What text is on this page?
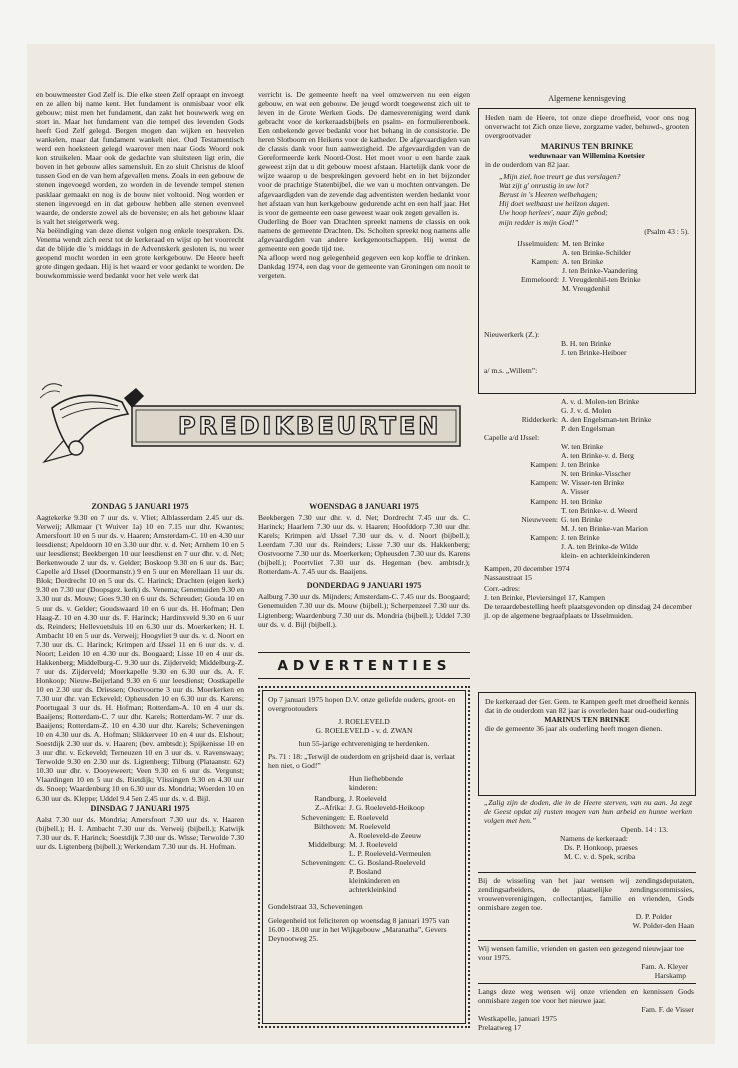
en bouwmeester God Zelf is. Die elke steen Zelf opraapt en invoegt en ze allen bij name kent. Het fundament is onmisbaar voor elk gebouw; mist men het fundament, dan zakt het bouwwerk weg en stort in. Maar het fundament van die tempel des levenden Gods heeft God Zelf gelegd. Bergen mogen dan wijken en heuvelen wankelen, maar dat fundament wankelt niet. Oud Testamentisch werd een hoeksteen gelegd waarover men naar Gods Woord ook kon struikelen. Maar ook de gedachte van sluitsteen ligt erin, die boven in het gebouw alles samensluit. En zo sluit Christus de kloof tussen God en de van hem afgevallen mens. Zoals in een gebouw de stenen ingevoegd worden, zo worden in de levende tempel stenen pasklaar gemaakt en nog is de bouw niet voltooid. Nog worden er stenen ingevoegd en in dat gebouw hebben alle stenen evenveel waarde, de onderste zowel als de bovenste; en als het gebouw klaar is valt het steigerwerk weg.

Na beëindiging van deze dienst volgen nog enkele toespraken. Ds. Venema wendt zich eerst tot de kerkeraad en wijst op het voorrecht dat de blijde die 's middags in de Adventskerk gesloten is, nu weer geopend mocht worden in een grote kerkgebouw. De Heere heeft grote dingen gedaan. Hij is het waard er voor gedankt te worden. De bouwkommissie werd bedankt voor het vele werk dat

verricht is. De gemeente heeft na veel omzwerven nu een eigen gebouw, en wat een gebouw. De jeugd wordt toegewenst zich uit te leven in de Grote Werken Gods. De damesvereniging werd dank gebracht voor de kerkeraadsbijbels en psalm- en formulierenboek. Een onbekende gever bedankt voor het behang in de consistorie. De heren Slotboom en Heikens voor de katheder. De afgevaardigden van de classis dank voor hun aanwezigheid. De afgevaardigden van de Gereformeerde kerk Noord-Oost. Het moet voor u een harde zaak geweest zijn dat u dit gebouw moest afstaan. Hartelijk dank voor de wijze waarop u de besprekingen gevoerd hebt en in het bijzonder voor de prachtige Statenbijbel, die we van u mochten ontvangen. De afgevaardigden van de zevende dag adventisten werden bedankt voor het afstaan van hun kerkgebouw gedurende acht en een half jaar. Het is voor de gemeente een oase geweest waar ook zegen gevallen is.

Ouderling de Boer van Drachten spreekt namens de classis en ook namens de gemeente Drachten. Ds. Scholten spreekt nog namens alle afgevaardigden van andere kerkgenootschappen. Hij wenst de gemeente een goede tijd toe.

Na afloop werd nog gelegenheid gegeven een kop koffie te drinken. Dankdag 1974, een dag voor de gemeente van Groningen om nooit te vergeten.

PREDIKBEURTEN
ZONDAG 5 JANUARI 1975

Aagtekerke 9.30 en 7 uur ds. v. Vliet; Alblasserdam 2.45 uur ds. Verweij; Alkmaar ('t Wuiver 1a) 10 en 7.15 uur dhr. Kwantes; Amersfoort 10 en 5 uur ds. v. Haaren; Amsterdam-C. 10 en 4.30 uur leesdienst; Apeldoorn 10 en 3.30 uur dhr. v. d. Net; Arnhem 10 en 5 uur leesdienst; Beekbergen 10 uur leesdienst en 7 uur dhr. v. d. Net; Berkenwoude 2 uur ds. v. Gelder; Boskoop 9.30 en 6 uur ds. Bac; Capelle a/d IJssel (Doormanstr.) 9 en 5 uur en Merellaan 11 uur ds. Blok; Dordrecht 10 en 5 uur ds. C. Harinck; Drachten (eigen kerk) 9.30 en 7.30 uur (Doopsgez. kerk) ds. Venema; Genemuiden 9.30 en 3.30 uur ds. Mouw; Goes 9.30 en 6 uur ds. Schreuder; Gouda 10 en 5 uur ds. v. Gelder; Goudswaard 10 en 6 uur ds. H. Hofman; Den Haag-Z. 10 en 4.30 uur ds. F. Harinck; Hardinxveld 9.30 en 6 uur ds. Reinders; Hellevoetsluis 10 en 6.30 uur ds. Moerkerken; H. I. Ambacht 10 en 5 uur ds. Verweij; Hoogvliet 9 uur ds. v. d. Noort en 7.30 uur ds. C. Harinck; Krimpen a/d IJssel 11 en 6 uur ds. v. d. Noort; Leiden 10 en 4.30 uur ds. Boogaard; Lisse 10 en 4 uur ds. Hakkenberg; Middelburg-C. 9.30 uur ds. Zijderveld; Middelburg-Z. 7 uur ds. Zijderveld; Moerkapelle 9.30 en 6.30 uur ds. A. F. Honkoop; Nieuw-Beijerland 9.30 en 6 uur leesdienst; Oostkapelle 10 en 2.30 uur ds. Driessen; Oostvoorne 3 uur ds. Moerkerken en 7.30 uur dhr. van Eckeveld; Opheusden 10 en 6.30 uur ds. Karens; Poortugaal 3 uur ds. H. Hofman; Rotterdam-A. 10 en 4 uur ds. Baaijens; Rotterdam-C. 7 uur dhr. Karels; Rotterdam-W. 7 uur ds. Baaijens; Rotterdam-Z. 10 en 4.30 uur dhr. Karels; Scheveningen 10 en 4.30 uur ds. A. Hofman; Slikkerveer 10 en 4 uur ds. Elshout; Soestdijk 2.30 uur ds. v. Haaren; (bev. ambtsdr.); Spijkenisse 10 en 3 uur dhr. v. Eckeveld; Terneuzen 10 en 3 uur ds. v. Ravenswaay; Terwolde 9.30 en 2.30 uur ds. Ligtenberg; Tilburg (Plataanstr. 62) 10.30 uur dhr. v. Dooyeweert; Veen 9.30 en 6 uur ds. Vergunst; Vlaardingen 10 en 5 uur ds. Rietdijk; Vlissingen 9.30 en 4.30 uur ds. Snoep; Waardenburg 10 en 6.30 uur ds. Mondria; Woerden 10 en 6.30 uur ds. Kleppe; Uddel 9.4 5en 2.45 uur ds. v. d. Bijl.

DINSDAG 7 JANUARI 1975

Aalst 7.30 uur ds. Mondria; Amersfoort 7.30 uur ds. v. Haaren (bijbell.); H. I. Ambacht 7.30 uur ds. Verweij (bijbell.); Katwijk 7.30 uur ds. F. Harinck; Soestdijk 7.30 uur ds. Wisse; Terwolde 7.30 uur ds. Ligtenberg (bijbell.); Werkendam 7.30 uur ds. H. Hofman.

WOENSDAG 8 JANUARI 1975

Beekbergen 7.30 uur dhr. v. d. Net; Dordrecht 7.45 uur ds. C. Harinck; Haarlem 7.30 uur ds. v. Haaren; Hoofddorp 7.30 uur dhr. Karels; Krimpen a/d IJssel 7.30 uur ds. v. d. Noort (bijbell.); Leerdam 7.30 uur ds. Reinders; Lisse 7.30 uur ds. Hakkenberg; Oostvoorne 7.30 uur ds. Moerkerken; Opheusden 7.30 uur ds. Karens (bijbell.); Poortvliet 7.30 uur ds. Hegeman (bev. ambtsdr.); Rotterdam-A. 7.45 uur ds. Baaijens.

DONDERDAG 9 JANUARI 1975

Aalburg 7.30 uur ds. Mijnders; Amsterdam-C. 7.45 uur ds. Boogaard; Genemuiden 7.30 uur ds. Mouw (bijbell.); Scherpenzeel 7.30 uur ds. Ligtenberg; Waardenburg 7.30 uur ds. Mondria (bijbell.); Uddel 7.30 uur ds. v. d. Bijl (bijbell.).

ADVERTENTIES
Op 7 januari 1975 hopen D.V. onze geliefde ouders, groot- en overgrootouders
J. ROELEVELD
G. ROELEVELD - v. d. ZWAN
hun 55-jarige echtvereniging te herdenken.
Ps. 71 : 18: „Terwijl de ouderdom en grijsheid daar is, verlaat hen niet, o God!”
Hun liefhebbende kinderen:
Randburg, J. Roeleveld
Z.-Afrika: J. G. Roeleveld-Heikoop
Scheveningen: E. Roeleveld
Bilthoven: M. Roeleveld
A. Roeleveld-de Zeeuw
Middelburg: M. J. Roeleveld
L. P. Roeleveld-Vermeulen
Scheveningen: C. G. Bosland-Roeleveld
P. Bosland
kleinkinderen en
achterkleinkind
Gondelstraat 33, Scheveningen
Gelegenheid tot feliciteren op woensdag 8 januari 1975 van 16.00 - 18.00 uur in het Wijkgebouw „Maranatha”, Gevers Deynootweg 25.
Algemene kennisgeving
Heden nam de Heere, tot onze diepe droefheid, voor ons nog onverwacht tot Zich onze lieve, zorgzame vader, behuwd-, grooten overgrootvader
MARINUS TEN BRINKE
weduwnaar van Willemina Koetsier
in de ouderdom van 82 jaar.
„Mijn ziel, hoe treurt ge dus verslagen?
Wat zijt g' onrustig in uw lot?
Berust in 's Heeren welbehagen;
Hij doet welhaast uw heilzon dagen.
Uw hoop herleev', naar Zijn gebod;
mijn redder is mijn God!”
(Psalm 43 : 5).
IJsselmuiden: M. ten Brinke
A. ten Brinke-Schilder
Kampen: A. ten Brinke
J. ten Brinke-Vaandering
Emmeloord: J. Vreugdenhil-ten Brinke
M. Vreugdenhil
Nieuwerkerk (Z.):
B. H. ten Brinke
J. ten Brinke-Heiboer
a/ m.s. „Willem”:
A. v. d. Molen-ten Brinke
G. J. v. d. Molen
Ridderkerk: A. den Engelsman-ten Brinke
P. den Engelsman
Capelle a/d IJssel:
W. ten Brinke
A. ten Brinke-v. d. Berg
Kampen: J. ten Brinke
N. ten Brinke-Visscher
Kampen: W. Visser-ten Brinke
A. Visser
Kampen: H. ten Brinke
T. ten Brinke-v. d. Weerd
Nieuwveen: G. ten Brinke
M. J. ten Brinke-van Marion
Kampen: J. ten Brinke
J. A. ten Brinke-de Wilde
klein- en achterkleinkinderen
Kampen, 20 december 1974
Nassaustraat 15
Corr.-adres:
J. ten Brinke, Pleviersingel 17, Kampen
De teraardebestelling heeft plaatsgevonden op dinsdag 24 december jl. op de algemene begraafplaats te IJsselmuiden.
De kerkeraad der Ger. Gem. te Kampen geeft met droefheid kennis dat in de ouderdom van 82 jaar is overleden haar oud-ouderling
MARINUS TEN BRINKE
die de gemeente 36 jaar als ouderling heeft mogen dienen.
„Zalig zijn de doden, die in de Heere sterven, van nu aan. Ja zegt de Geest opdat zij rusten mogen van hun arbeid en hunne werken volgen met hen.”
Openb. 14 : 13.
Namens de kerkeraad:
Ds. P. Honkoop, praeses
M. C. v. d. Spek, scriba
Bij de wisseling van het jaar wensen wij zendingsdeputaten, zendingsarbeiders, de plaatselijke zendingscommissies, vrouwenverenigingen, collectantjes, familie en vrienden, Gods onmisbare zegen toe.
D. P. Polder
W. Polder-den Haan
Wij wensen familie, vrienden en gasten een gezegend nieuwjaar toe voor 1975.
Fam. A. Kleyer
Harskamp
Langs deze weg wensen wij onze vrienden en kennissen Gods onmisbare zegen toe voor het nieuwe jaar.
Fam. F. de Visser
Westkapelle, januari 1975
Prelaatweg 17
